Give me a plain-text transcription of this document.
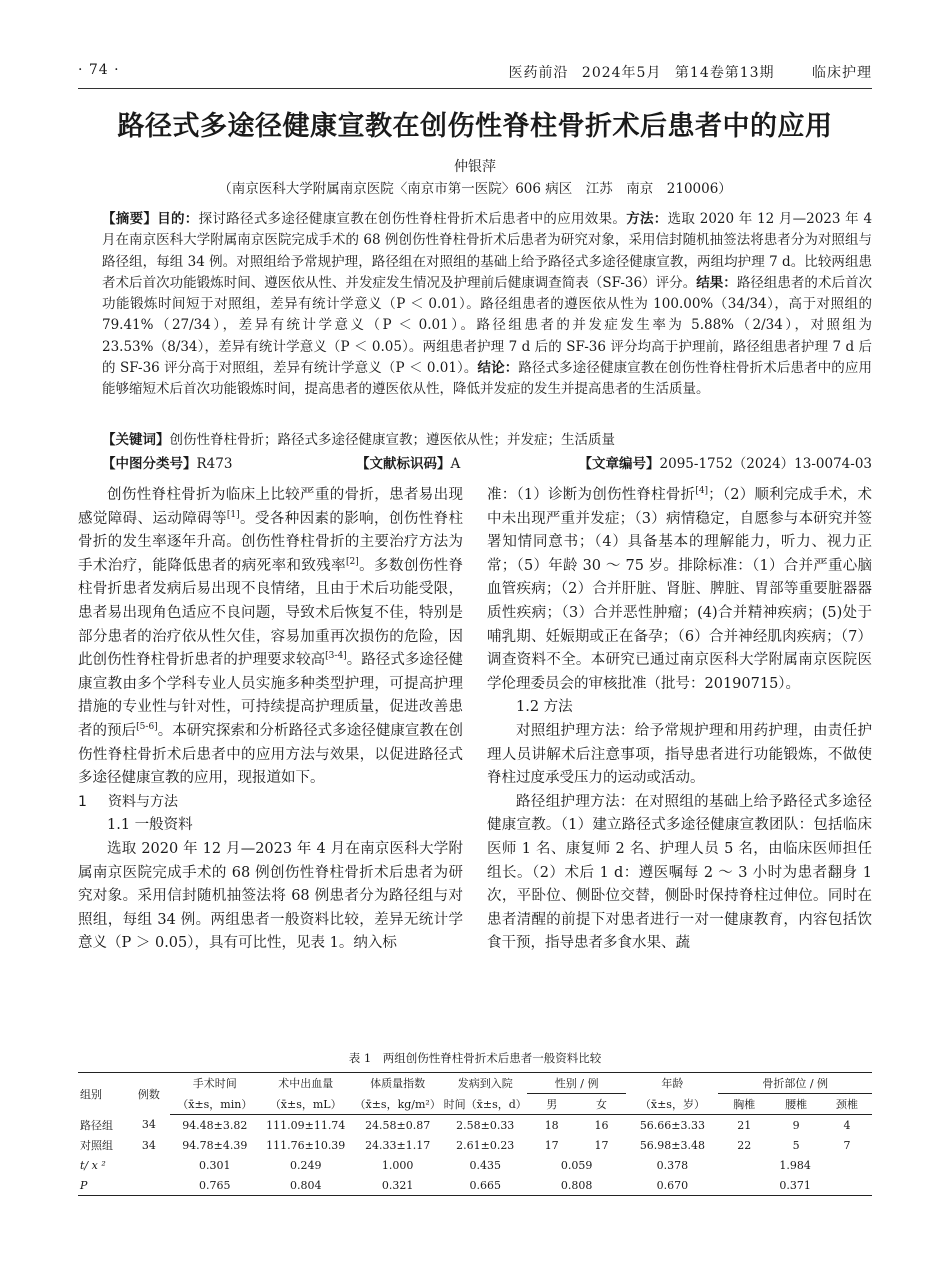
· 74 ·	医药前沿 2024年5月 第14卷第13期	临床护理
路径式多途径健康宣教在创伤性脊柱骨折术后患者中的应用
仲银萍
（南京医科大学附属南京医院〈南京市第一医院〉606 病区　江苏　南京　210006）

【摘要】目的：探讨路径式多途径健康宣教在创伤性脊柱骨折术后患者中的应用效果。方法：选取 2020 年 12 月—2023 年 4 月在南京医科大学附属南京医院完成手术的 68 例创伤性脊柱骨折术后患者为研究对象，采用信封随机抽签法将患者分为对照组与路径组，每组 34 例。对照组给予常规护理，路径组在对照组的基础上给予路径式多途径健康宣教，两组均护理 7 d。比较两组患者术后首次功能锻炼时间、遵医依从性、并发症发生情况及护理前后健康调查简表（SF-36）评分。结果：路径组患者的术后首次功能锻炼时间短于对照组，差异有统计学意义（P ＜ 0.01）。路径组患者的遵医依从性为 100.00%（34/34），高于对照组的 79.41%（27/34），差异有统计学意义（P ＜ 0.01）。路径组患者的并发症发生率为 5.88%（2/34），对照组为 23.53%（8/34），差异有统计学意义（P ＜ 0.05）。两组患者护理 7 d 后的 SF-36 评分均高于护理前，路径组患者护理 7 d 后的 SF-36 评分高于对照组，差异有统计学意义（P ＜ 0.01）。结论：路径式多途径健康宣教在创伤性脊柱骨折术后患者中的应用能够缩短术后首次功能锻炼时间，提高患者的遵医依从性，降低并发症的发生并提高患者的生活质量。

【关键词】创伤性脊柱骨折；路径式多途径健康宣教；遵医依从性；并发症；生活质量
【中图分类号】R473	【文献标识码】A	【文章编号】2095-1752（2024）13-0074-03

创伤性脊柱骨折为临床上比较严重的骨折，患者易出现感觉障碍、运动障碍等[1]。受各种因素的影响，创伤性脊柱骨折的发生率逐年升高。创伤性脊柱骨折的主要治疗方法为手术治疗，能降低患者的病死率和致残率[2]。多数创伤性脊柱骨折患者发病后易出现不良情绪，且由于术后功能受限，患者易出现角色适应不良问题，导致术后恢复不佳，特别是部分患者的治疗依从性欠佳，容易加重再次损伤的危险，因此创伤性脊柱骨折患者的护理要求较高[3-4]。路径式多途径健康宣教由多个学科专业人员实施多种类型护理，可提高护理措施的专业性与针对性，可持续提高护理质量，促进改善患者的预后[5-6]。本研究探索和分析路径式多途径健康宣教在创伤性脊柱骨折术后患者中的应用方法与效果，以促进路径式多途径健康宣教的应用，现报道如下。

1 资料与方法

1.1 一般资料

选取 2020 年 12 月—2023 年 4 月在南京医科大学附属南京医院完成手术的 68 例创伤性脊柱骨折术后患者为研究对象。采用信封随机抽签法将 68 例患者分为路径组与对照组，每组 34 例。两组患者一般资料比较，差异无统计学意义（P ＞ 0.05），具有可比性，见表 1。纳入标

准：（1）诊断为创伤性脊柱骨折[4]；（2）顺利完成手术，术中未出现严重并发症；（3）病情稳定，自愿参与本研究并签署知情同意书；（4）具备基本的理解能力，听力、视力正常；（5）年龄 30 ～ 75 岁。排除标准：（1）合并严重心脑血管疾病；（2）合并肝脏、肾脏、脾脏、胃部等重要脏器器质性疾病；（3）合并恶性肿瘤；(4)合并精神疾病；(5)处于哺乳期、妊娠期或正在备孕；（6）合并神经肌肉疾病；（7）调查资料不全。本研究已通过南京医科大学附属南京医院医学伦理委员会的审核批准（批号：20190715）。

1.2 方法

对照组护理方法：给予常规护理和用药护理，由责任护理人员讲解术后注意事项，指导患者进行功能锻炼，不做使脊柱过度承受压力的运动或活动。

路径组护理方法：在对照组的基础上给予路径式多途径健康宣教。（1）建立路径式多途径健康宣教团队：包括临床医师 1 名、康复师 2 名、护理人员 5 名，由临床医师担任组长。（2）术后 1 d：遵医嘱每 2 ～ 3 小时为患者翻身 1 次，平卧位、侧卧位交替，侧卧时保持脊柱过伸位。同时在患者清醒的前提下对患者进行一对一健康教育，内容包括饮食干预，指导患者多食水果、蔬

表 1　两组创伤性脊柱骨折术后患者一般资料比较
组别	例数	手术时间	术中出血量	体质量指数	发病到入院	性别 / 例		年龄	骨折部位 / 例		
		（x̄±s，min）	（x̄±s，mL）	（x̄±s，kg/m²）	时间（x̄±s，d）	男	女	（x̄±s，岁）	胸椎	腰椎	颈椎
路径组	34	94.48±3.82	111.09±11.74	24.58±0.87	2.58±0.33	18	16	56.66±3.33	21	9	4
对照组	34	94.78±4.39	111.76±10.39	24.33±1.17	2.61±0.23	17	17	56.98±3.48	22	5	7
t/ x ²		0.301	0.249	1.000	0.435	0.059		0.378	1.984		
P		0.765	0.804	0.321	0.665	0.808		0.670	0.371		
